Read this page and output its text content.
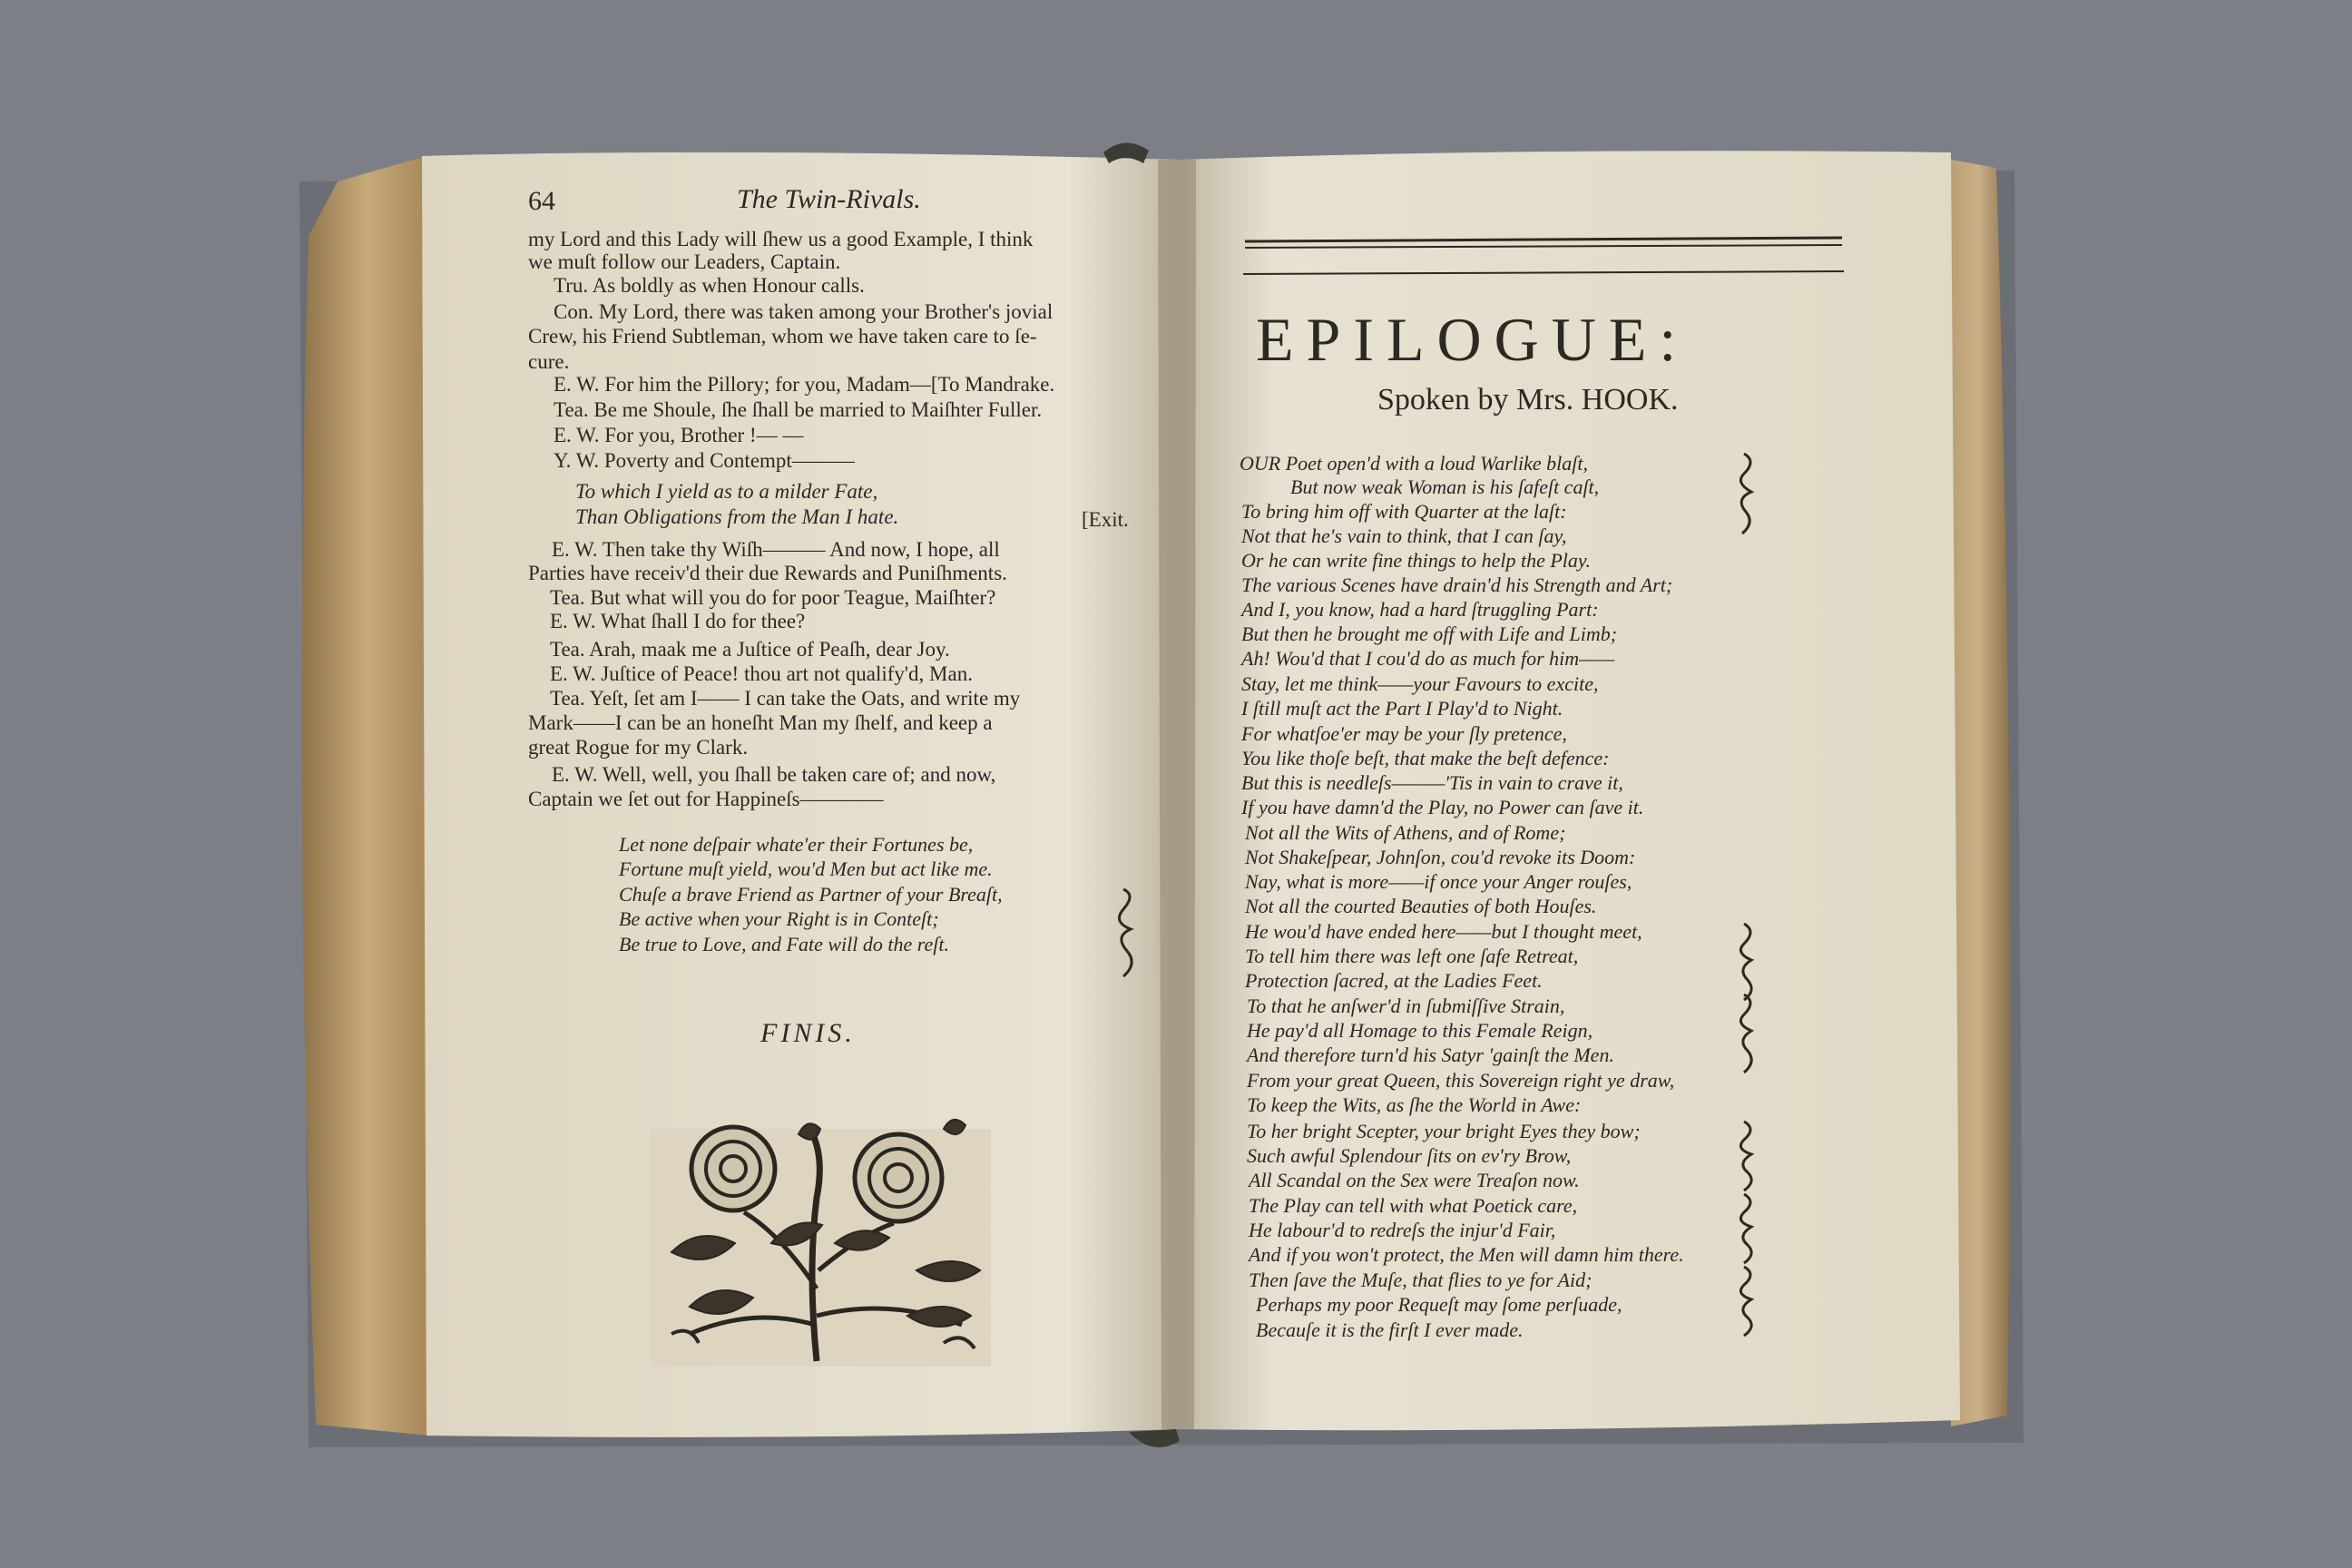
64	The Twin-Rivals.
my Lord and this Lady will ſhew us a good Example, I think
we muſt follow our Leaders, Captain.
Tru. As boldly as when Honour calls.
Con. My Lord, there was taken among your Brother's jovial
Crew, his Friend Subtleman, whom we have taken care to ſe-
cure.
E. W. For him the Pillory; for you, Madam—[To Mandrake.
Tea. Be me Shoule, ſhe ſhall be married to Maiſhter Fuller.
E. W. For you, Brother !— —
Y. W. Poverty and Contempt———
To which I yield as to a milder Fate,
Than Obligations from the Man I hate.	[Exit.
E. W. Then take thy Wiſh——— And now, I hope, all
Parties have receiv'd their due Rewards and Puniſhments.
Tea. But what will you do for poor Teague, Maiſhter?
E. W. What ſhall I do for thee?
Tea. Arah, maak me a Juſtice of Peaſh, dear Joy.
E. W. Juſtice of Peace! thou art not qualify'd, Man.
Tea. Yeſt, ſet am I—— I can take the Oats, and write my
Mark——I can be an honeſht Man my ſhelf, and keep a
great Rogue for my Clark.
E. W. Well, well, you ſhall be taken care of; and now,
Captain we ſet out for Happineſs————
Let none deſpair whate'er their Fortunes be,
Fortune muſt yield, wou'd Men but act like me.
Chuſe a brave Friend as Partner of your Breaſt,
Be active when your Right is in Conteſt;
Be true to Love, and Fate will do the reſt.
FINIS.
EPILOGUE:
Spoken by Mrs. HOOK.
OUR Poet open'd with a loud Warlike blaſt,
But now weak Woman is his ſafeſt caſt,
To bring him off with Quarter at the laſt:
Not that he's vain to think, that I can ſay,
Or he can write fine things to help the Play.
The various Scenes have drain'd his Strength and Art;
And I, you know, had a hard ſtruggling Part:
But then he brought me off with Life and Limb;
Ah! Wou'd that I cou'd do as much for him——
Stay, let me think——your Favours to excite,
I ſtill muſt act the Part I Play'd to Night.
For whatſoe'er may be your ſly pretence,
You like thoſe beſt, that make the beſt defence:
But this is needleſs———'Tis in vain to crave it,
If you have damn'd the Play, no Power can ſave it.
Not all the Wits of Athens, and of Rome;
Not Shakeſpear, Johnſon, cou'd revoke its Doom:
Nay, what is more——if once your Anger rouſes,
Not all the courted Beauties of both Houſes.
He wou'd have ended here——but I thought meet,
To tell him there was left one ſafe Retreat,
Protection ſacred, at the Ladies Feet.
To that he anſwer'd in ſubmiſſive Strain,
He pay'd all Homage to this Female Reign,
And therefore turn'd his Satyr 'gainſt the Men.
From your great Queen, this Sovereign right ye draw,
To keep the Wits, as ſhe the World in Awe:
To her bright Scepter, your bright Eyes they bow;
Such awful Splendour ſits on ev'ry Brow,
All Scandal on the Sex were Treaſon now.
The Play can tell with what Poetick care,
He labour'd to redreſs the injur'd Fair,
And if you won't protect, the Men will damn him there.
Then ſave the Muſe, that flies to ye for Aid;
Perhaps my poor Requeſt may ſome perſuade,
Becauſe it is the firſt I ever made.
